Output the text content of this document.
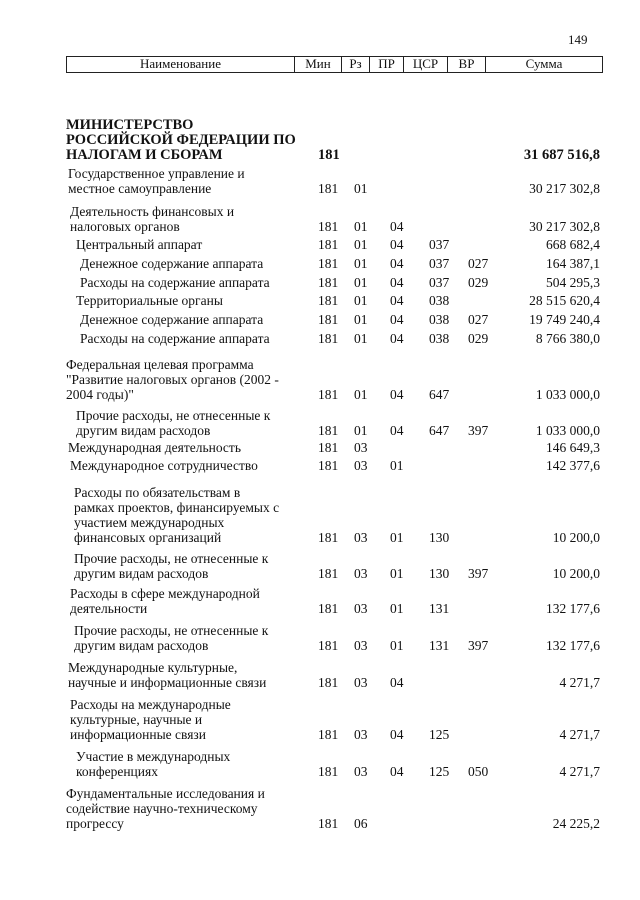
149
Наименование	Мин	Рз	ПР	ЦСР	ВР	Сумма
МИНИСТЕРСТВО
РОССИЙСКОЙ ФЕДЕРАЦИИ ПО
НАЛОГАМ И СБОРАМ	181	31 687 516,8
Государственное управление и
местное самоуправление	181 01	30 217 302,8
Деятельность финансовых и
налоговых органов	181 01 04	30 217 302,8
Центральный аппарат	181 01 04 037	668 682,4
Денежное содержание аппарата	181 01 04 037 027	164 387,1
Расходы на содержание аппарата	181 01 04 037 029	504 295,3
Территориальные органы	181 01 04 038	28 515 620,4
Денежное содержание аппарата	181 01 04 038 027	19 749 240,4
Расходы на содержание аппарата	181 01 04 038 029	8 766 380,0
Федеральная целевая программа
"Развитие налоговых органов (2002 -
2004 годы)"	181 01 04 647	1 033 000,0
Прочие расходы, не отнесенные к
другим видам расходов	181 01 04 647 397	1 033 000,0
Международная деятельность	181 03	146 649,3
Международное сотрудничество	181 03 01	142 377,6
Расходы по обязательствам в
рамках проектов, финансируемых с
участием международных
финансовых организаций	181 03 01 130	10 200,0
Прочие расходы, не отнесенные к
другим видам расходов	181 03 01 130 397	10 200,0
Расходы в сфере международной
деятельности	181 03 01 131	132 177,6
Прочие расходы, не отнесенные к
другим видам расходов	181 03 01 131 397	132 177,6
Международные культурные,
научные и информационные связи	181 03 04	4 271,7
Расходы на международные
культурные, научные и
информационные связи	181 03 04 125	4 271,7
Участие в международных
конференциях	181 03 04 125 050	4 271,7
Фундаментальные исследования и
содействие научно-техническому
прогрессу	181 06	24 225,2
